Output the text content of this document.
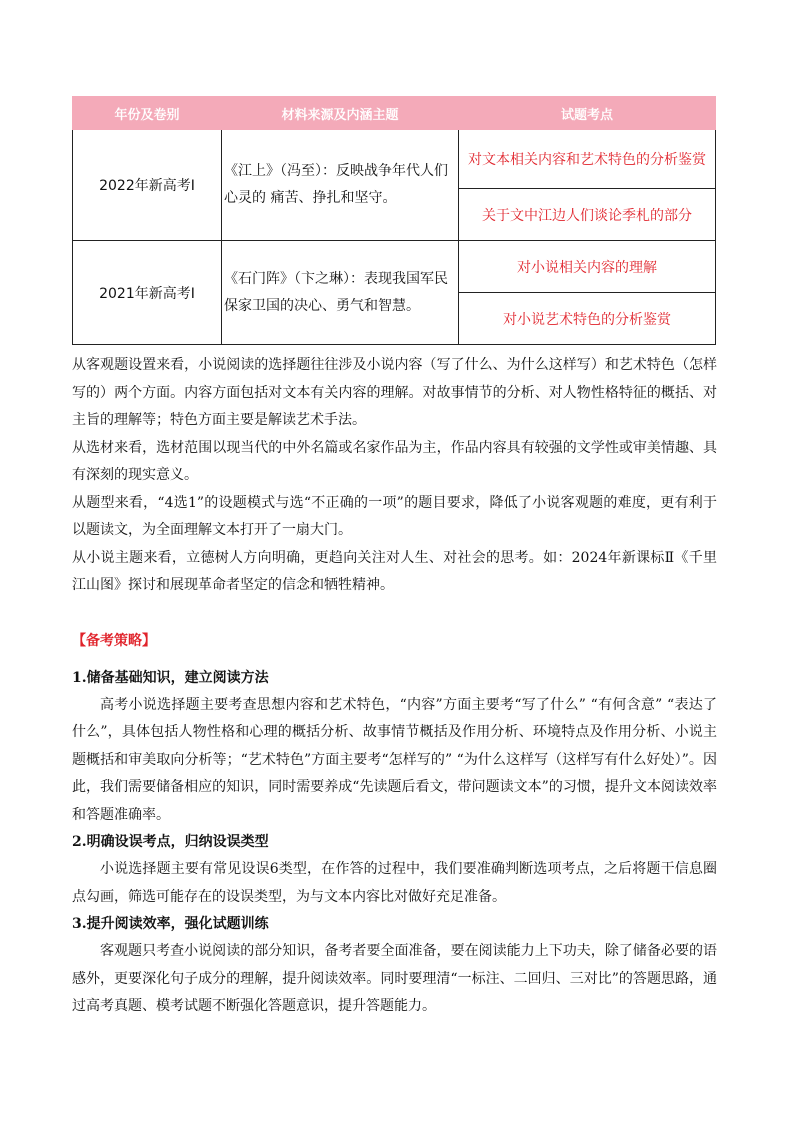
年份及卷别	材料来源及内涵主题	试题考点
2022年新高考Ⅰ	《江上》（冯至）：反映战争年代人们心灵的 痛苦、挣扎和坚守。	对文本相关内容和艺术特色的分析鉴赏
		关于文中江边人们谈论季札的部分
2021年新高考Ⅰ	《石门阵》（卞之琳）：表现我国军民保家卫国的决心、勇气和智慧。	对小说相关内容的理解
		对小说艺术特色的分析鉴赏

从客观题设置来看，小说阅读的选择题往往涉及小说内容（写了什么、为什么这样写）和艺术特色（怎样写的）两个方面。内容方面包括对文本有关内容的理解。对故事情节的分析、对人物性格特征的概括、对主旨的理解等；特色方面主要是解读艺术手法。

从选材来看，选材范围以现当代的中外名篇或名家作品为主，作品内容具有较强的文学性或审美情趣、具有深刻的现实意义。

从题型来看，“4选1”的设题模式与选“不正确的一项”的题目要求，降低了小说客观题的难度，更有利于以题读文，为全面理解文本打开了一扇大门。

从小说主题来看，立德树人方向明确，更趋向关注对人生、对社会的思考。如：2024年新课标Ⅱ《千里江山图》探讨和展现革命者坚定的信念和牺牲精神。

【备考策略】

1.储备基础知识，建立阅读方法

高考小说选择题主要考查思想内容和艺术特色，“内容”方面主要考“写了什么” “有何含意” “表达了什么”，具体包括人物性格和心理的概括分析、故事情节概括及作用分析、环境特点及作用分析、小说主题概括和审美取向分析等；“艺术特色”方面主要考“怎样写的” “为什么这样写（这样写有什么好处）”。因此，我们需要储备相应的知识，同时需要养成“先读题后看文，带问题读文本”的习惯，提升文本阅读效率和答题准确率。

2.明确设误考点，归纳设误类型

小说选择题主要有常见设误6类型，在作答的过程中，我们要准确判断选项考点，之后将题干信息圈点勾画，筛选可能存在的设误类型，为与文本内容比对做好充足准备。

3.提升阅读效率，强化试题训练

客观题只考查小说阅读的部分知识，备考者要全面准备，要在阅读能力上下功夫，除了储备必要的语感外，更要深化句子成分的理解，提升阅读效率。同时要理清“一标注、二回归、三对比”的答题思路，通过高考真题、模考试题不断强化答题意识，提升答题能力。
